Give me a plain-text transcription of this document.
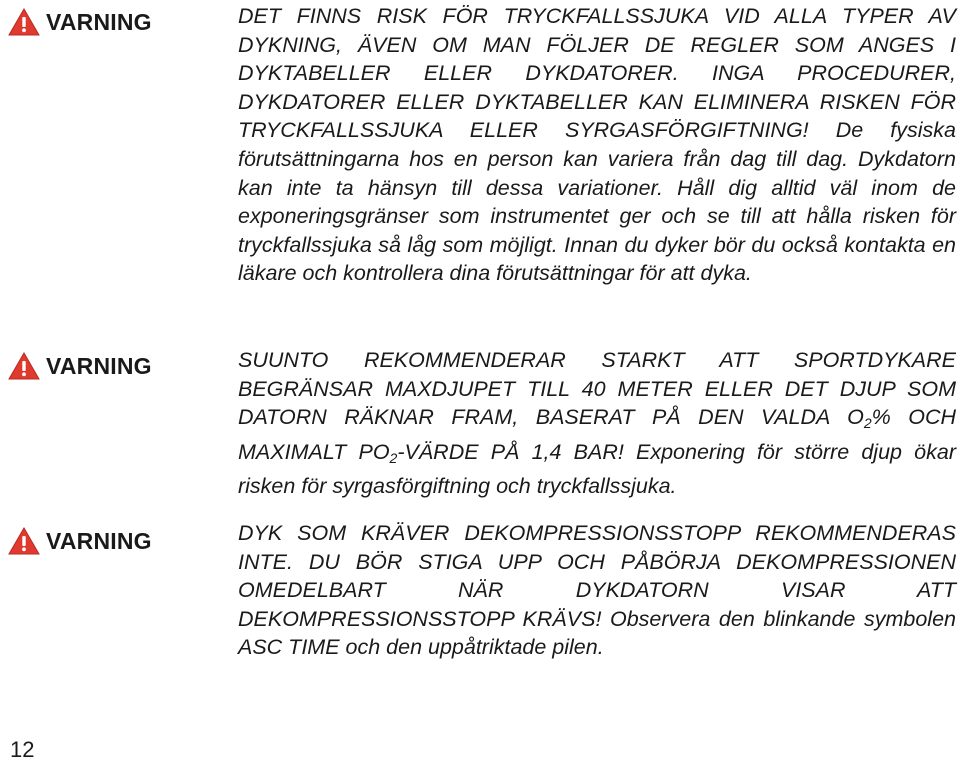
VARNING	DET FINNS RISK FÖR TRYCKFALLSSJUKA VID ALLA TYPER AV DYKNING, ÄVEN OM MAN FÖLJER DE REGLER SOM ANGES I DYKTABELLER ELLER DYKDATORER. INGA PROCEDURER, DYKDATORER ELLER DYKTABELLER KAN ELIMINERA RISKEN FÖR TRYCKFALLSSJUKA ELLER SYRGASFÖRGIFTNING! De fysiska förutsättningarna hos en person kan variera från dag till dag. Dykdatorn kan inte ta hänsyn till dessa variationer. Håll dig alltid väl inom de exponeringsgränser som instrumentet ger och se till att hålla risken för tryckfallssjuka så låg som möjligt. Innan du dyker bör du också kontakta en läkare och kontrollera dina förutsättningar för att dyka.

VARNING	SUUNTO REKOMMENDERAR STARKT ATT SPORTDYKARE BEGRÄNSAR MAXDJUPET TILL 40 METER ELLER DET DJUP SOM DATORN RÄKNAR FRAM, BASERAT PÅ DEN VALDA $O_2\%$ OCH MAXIMALT $PO_2$-VÄRDE PÅ 1,4 BAR! Exponering för större djup ökar risken för syrgasförgiftning och tryckfallssjuka.

VARNING	DYK SOM KRÄVER DEKOMPRESSIONSSTOPP REKOMMENDERAS INTE. DU BÖR STIGA UPP OCH PÅBÖRJA DEKOMPRESSIONEN OMEDELBART NÄR DYKDATORN VISAR ATT DEKOMPRESSIONSSTOPP KRÄVS! Observera den blinkande symbolen ASC TIME och den uppåtriktade pilen.

12
